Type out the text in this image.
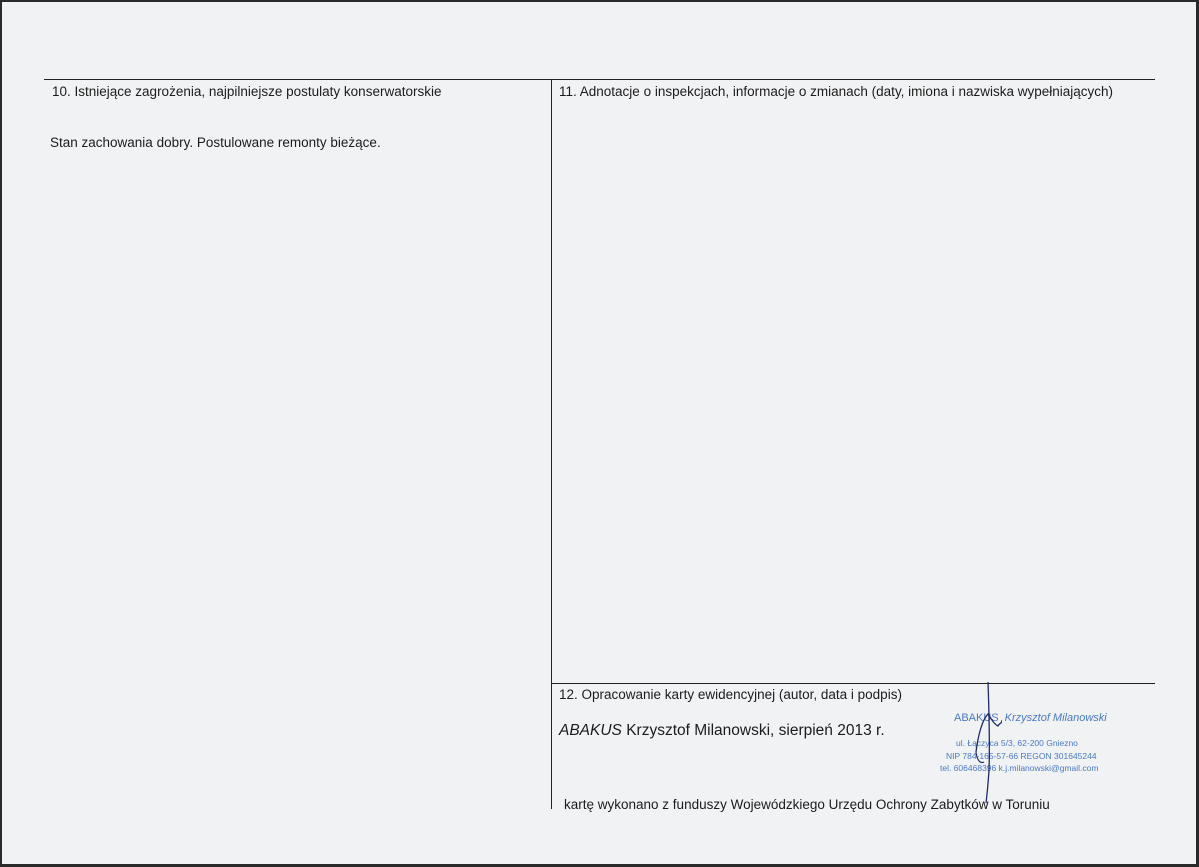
10. Istniejące zagrożenia, najpilniejsze postulaty konserwatorskie
Stan zachowania dobry. Postulowane remonty bieżące.
11. Adnotacje o inspekcjach, informacje o zmianach (daty, imiona i nazwiska wypełniających)
12. Opracowanie karty ewidencyjnej (autor, data i podpis)
ABAKUS Krzysztof Milanowski, sierpień 2013 r.
ABAKUS Krzysztof Milanowski
ul. Łączyca 5/3, 62-200 Gniezno
NIP 784-165-57-66 REGON 301645244
tel. 606468396 k.j.milanowski@gmail.com
kartę wykonano z funduszy Wojewódzkiego Urzędu Ochrony Zabytków w Toruniu
